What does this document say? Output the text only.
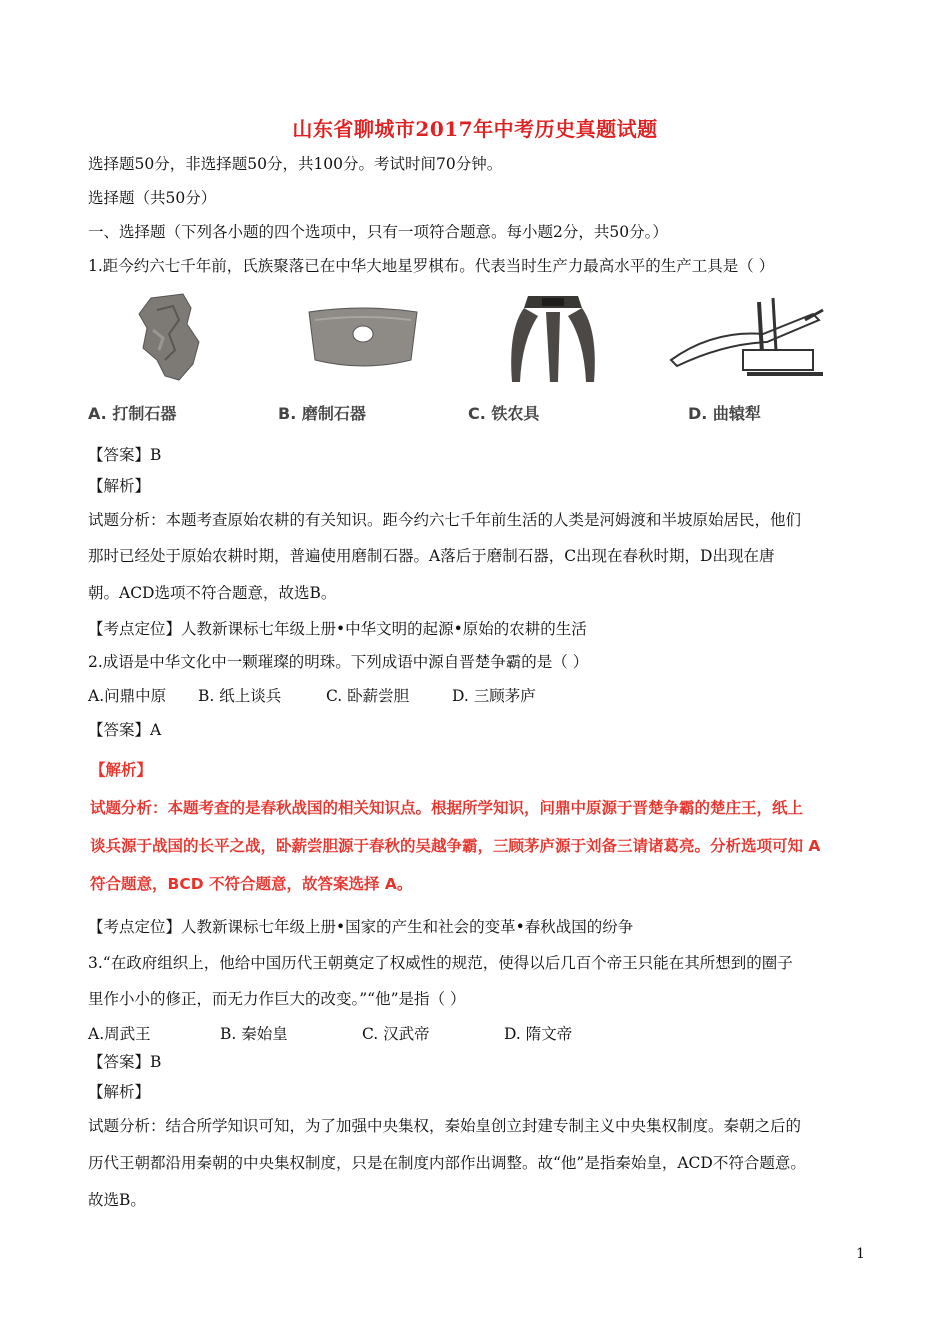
山东省聊城市2017年中考历史真题试题
选择题50分，非选择题50分，共100分。考试时间70分钟。
选择题（共50分）
一、选择题（下列各小题的四个选项中，只有一项符合题意。每小题2分，共50分。）
1.距今约六七千年前，氏族聚落已在中华大地星罗棋布。代表当时生产力最高水平的生产工具是（ ）
A. 打制石器	B. 磨制石器	C. 铁农具	D. 曲辕犁
【答案】B
【解析】
试题分析：本题考查原始农耕的有关知识。距今约六七千年前生活的人类是河姆渡和半坡原始居民，他们
那时已经处于原始农耕时期，普遍使用磨制石器。A落后于磨制石器，C出现在春秋时期，D出现在唐
朝。ACD选项不符合题意，故选B。
【考点定位】人教新课标七年级上册•中华文明的起源•原始的农耕的生活
2.成语是中华文化中一颗璀璨的明珠。下列成语中源自晋楚争霸的是（ ）
A.问鼎中原 B. 纸上谈兵	C. 卧薪尝胆	D. 三顾茅庐
【答案】A
【解析】
试题分析：本题考查的是春秋战国的相关知识点。根据所学知识，问鼎中原源于晋楚争霸的楚庄王，纸上
谈兵源于战国的长平之战，卧薪尝胆源于春秋的吴越争霸，三顾茅庐源于刘备三请诸葛亮。分析选项可知 A
符合题意，BCD 不符合题意，故答案选择 A。
【考点定位】人教新课标七年级上册•国家的产生和社会的变革•春秋战国的纷争
3.“在政府组织上，他给中国历代王朝奠定了权威性的规范，使得以后几百个帝王只能在其所想到的圈子
里作小小的修正，而无力作巨大的改变。”“他”是指（ ）
A.周武王	B. 秦始皇	C. 汉武帝	D. 隋文帝
【答案】B
【解析】
试题分析：结合所学知识可知，为了加强中央集权，秦始皇创立封建专制主义中央集权制度。秦朝之后的
历代王朝都沿用秦朝的中央集权制度，只是在制度内部作出调整。故“他”是指秦始皇，ACD不符合题意。
故选B。
1
